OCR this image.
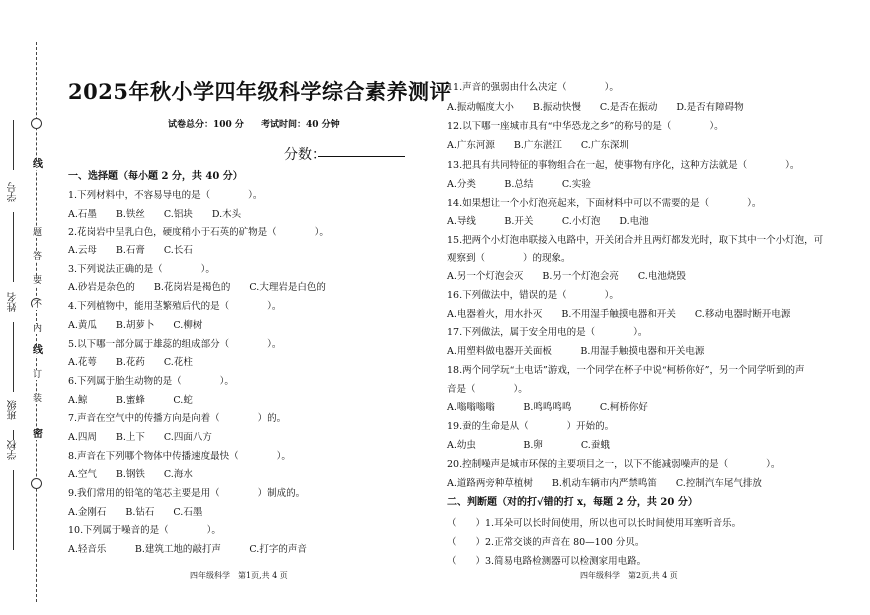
学号
姓名
班级
学校
线
题
答
要
不
内
线
订
装
密
2025年秋小学四年级科学综合素养测评
试卷总分：100 分 考试时间：40 分钟
分数：
一、选择题（每小题 2 分，共 40 分）
1.下列材料中，不容易导电的是（　　　　）。
A.石墨　　B.铁丝　　C.铝块　　D.木头
2.花岗岩中呈乳白色，硬度稍小于石英的矿物是（　　　　）。
A.云母　　B.石膏　　C.长石
3.下列说法正确的是（　　　　）。
A.砂岩是杂色的　　B.花岗岩是褐色的　　C.大理岩是白色的
4.下列植物中，能用茎繁殖后代的是（　　　　）。
A.黄瓜　　B.胡萝卜　　C.柳树
5.以下哪一部分属于雄蕊的组成部分（　　　　）。
A.花萼　　B.花药　　C.花柱
6.下列属于胎生动物的是（　　　　）。
A.鲸　　　B.蜜蜂　　　C.蛇
7.声音在空气中的传播方向是向着（　　　　）的。
A.四周　　B.上下　　C.四面八方
8.声音在下列哪个物体中传播速度最快（　　　　）。
A.空气　　B.钢铁　　C.海水
9.我们常用的铅笔的笔芯主要是用（　　　　）制成的。
A.金刚石　　B.钻石　　C.石墨
10.下列属于噪音的是（　　　　）。
A.轻音乐　　　B.建筑工地的敲打声　　　C.打字的声音
四年级科学　第1页,共 4 页
11.声音的强弱由什么决定（　　　　）。
A.振动幅度大小　　B.振动快慢　　C.是否在振动　　D.是否有障碍物
12.以下哪一座城市具有“中华恐龙之乡”的称号的是（　　　　）。
A.广东河源　　B.广东湛江　　C.广东深圳
13.把具有共同特征的事物组合在一起，使事物有序化，这种方法就是（　　　　）。
A.分类　　　B.总结　　　C.实验
14.如果想让一个小灯泡亮起来，下面材料中可以不需要的是（　　　　）。
A.导线　　　B.开关　　　C.小灯泡　　D.电池
15.把两个小灯泡串联接入电路中，开关闭合并且两灯都发光时，取下其中一个小灯泡，可
观察到（　　　　）的现象。
A.另一个灯泡会灭　　B.另一个灯泡会亮　　C.电池烧毁
16.下列做法中，错误的是（　　　　）。
A.电器着火，用水扑灭　　B.不用湿手触摸电器和开关　　C.移动电器时断开电源
17.下列做法，属于安全用电的是（　　　　）。
A.用塑料做电器开关面板　　　B.用湿手触摸电器和开关电源
18.两个同学玩“土电话”游戏，一个同学在杯子中说“柯桥你好”，另一个同学听到的声
音是（　　　　）。
A.嗡嗡嗡嗡　　　B.鸣鸣鸣鸣　　　C.柯桥你好
19.蚕的生命是从（　　　　）开始的。
A.幼虫　　　　　B.卵　　　　C.蚕蛾
20.控制噪声是城市环保的主要项目之一，以下不能减弱噪声的是（　　　　）。
A.道路两旁种草植树　　B.机动车辆市内严禁鸣笛　　C.控制汽车尾气排放
二、判断题（对的打√错的打 x，每题 2 分，共 20 分）
（　　）1.耳朵可以长时间使用，所以也可以长时间使用耳塞听音乐。
（　　）2.正常交谈的声音在 80—100 分贝。
（　　）3.简易电路检测器可以检测家用电路。
四年级科学　第2页,共 4 页
